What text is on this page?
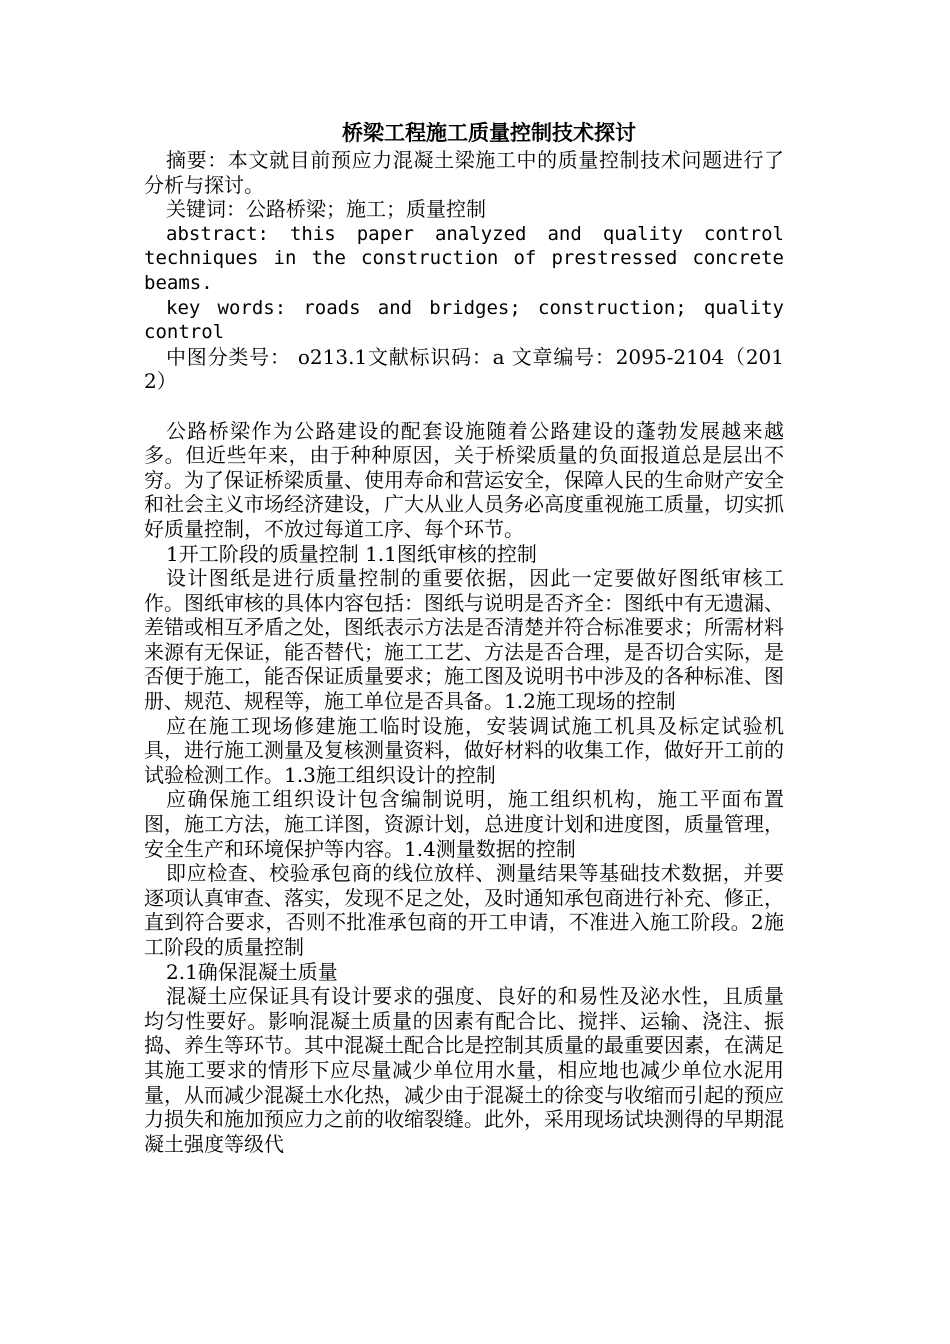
桥梁工程施工质量控制技术探讨

摘要：本文就目前预应力混凝土梁施工中的质量控制技术问题进行了分析与探讨。

关键词：公路桥梁；施工；质量控制

abstract: this paper analyzed and quality control techniques in the construction of prestressed concrete beams.

key words: roads and bridges; construction; quality control

中图分类号： o213.1文献标识码：a 文章编号：2095-2104（2012）

公路桥梁作为公路建设的配套设施随着公路建设的蓬勃发展越来越多。但近些年来，由于种种原因，关于桥梁质量的负面报道总是层出不穷。为了保证桥梁质量、使用寿命和营运安全，保障人民的生命财产安全和社会主义市场经济建设，广大从业人员务必高度重视施工质量，切实抓好质量控制，不放过每道工序、每个环节。

1开工阶段的质量控制 1.1图纸审核的控制

设计图纸是进行质量控制的重要依据，因此一定要做好图纸审核工作。图纸审核的具体内容包括：图纸与说明是否齐全：图纸中有无遗漏、差错或相互矛盾之处，图纸表示方法是否清楚并符合标准要求；所需材料来源有无保证，能否替代；施工工艺、方法是否合理，是否切合实际，是否便于施工，能否保证质量要求；施工图及说明书中涉及的各种标准、图册、规范、规程等，施工单位是否具备。1.2施工现场的控制

应在施工现场修建施工临时设施，安装调试施工机具及标定试验机具，进行施工测量及复核测量资料，做好材料的收集工作，做好开工前的试验检测工作。1.3施工组织设计的控制

应确保施工组织设计包含编制说明，施工组织机构，施工平面布置图，施工方法，施工详图，资源计划，总进度计划和进度图，质量管理，安全生产和环境保护等内容。1.4测量数据的控制

即应检查、校验承包商的线位放样、测量结果等基础技术数据，并要逐项认真审查、落实，发现不足之处，及时通知承包商进行补充、修正，直到符合要求，否则不批准承包商的开工申请，不准进入施工阶段。2施工阶段的质量控制

2.1确保混凝土质量

混凝土应保证具有设计要求的强度、良好的和易性及泌水性，且质量均匀性要好。影响混凝土质量的因素有配合比、搅拌、运输、浇注、振捣、养生等环节。其中混凝土配合比是控制其质量的最重要因素，在满足其施工要求的情形下应尽量减少单位用水量，相应地也减少单位水泥用量，从而减少混凝土水化热，减少由于混凝土的徐变与收缩而引起的预应力损失和施加预应力之前的收缩裂缝。此外，采用现场试块测得的早期混凝土强度等级代
